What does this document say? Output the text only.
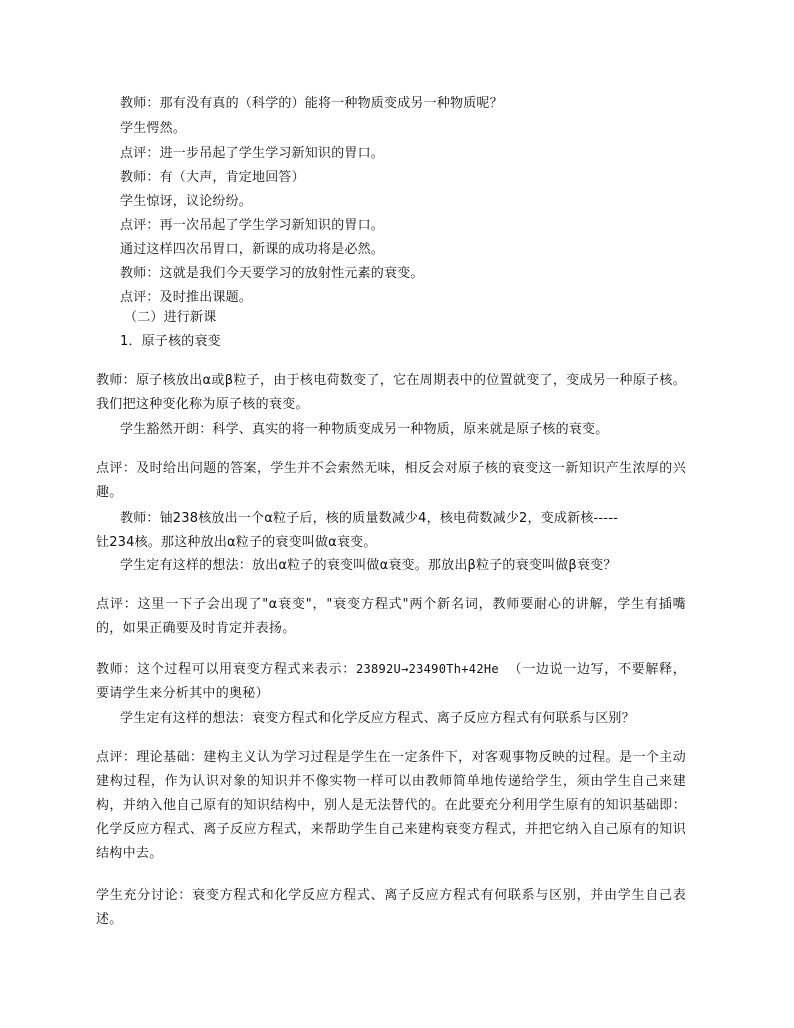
教师：那有没有真的（科学的）能将一种物质变成另一种物质呢？
学生愕然。
点评：进一步吊起了学生学习新知识的胃口。
教师：有（大声，肯定地回答）
学生惊讶，议论纷纷。
点评：再一次吊起了学生学习新知识的胃口。
通过这样四次吊胃口，新课的成功将是必然。
教师：这就是我们今天要学习的放射性元素的衰变。
点评：及时推出课题。
（二）进行新课
1．原子核的衰变
教师：原子核放出α或β粒子，由于核电荷数变了，它在周期表中的位置就变了，变成另一种原子核。我们把这种变化称为原子核的衰变。
学生豁然开朗：科学、真实的将一种物质变成另一种物质，原来就是原子核的衰变。
点评：及时给出问题的答案，学生并不会索然无味，相反会对原子核的衰变这一新知识产生浓厚的兴趣。
教师：铀238核放出一个α粒子后，核的质量数减少4，核电荷数减少2，变成新核-----
钍234核。那这种放出α粒子的衰变叫做α衰变。
学生定有这样的想法：放出α粒子的衰变叫做α衰变。那放出β粒子的衰变叫做β衰变？
点评：这里一下子会出现了"α衰变"，"衰变方程式"两个新名词，教师要耐心的讲解，学生有插嘴的，如果正确要及时肯定并表扬。
教师：这个过程可以用衰变方程式来表示：23892U→23490Th+42He （一边说一边写，不要解释，要请学生来分析其中的奥秘）
学生定有这样的想法：衰变方程式和化学反应方程式、离子反应方程式有何联系与区别？
点评：理论基础：建构主义认为学习过程是学生在一定条件下，对客观事物反映的过程。是一个主动建构过程，作为认识对象的知识并不像实物一样可以由教师简单地传递给学生，须由学生自己来建构，并纳入他自己原有的知识结构中，别人是无法替代的。在此要充分利用学生原有的知识基础即：化学反应方程式、离子反应方程式，来帮助学生自己来建构衰变方程式，并把它纳入自己原有的知识结构中去。
学生充分讨论：衰变方程式和化学反应方程式、离子反应方程式有何联系与区别，并由学生自己表述。
